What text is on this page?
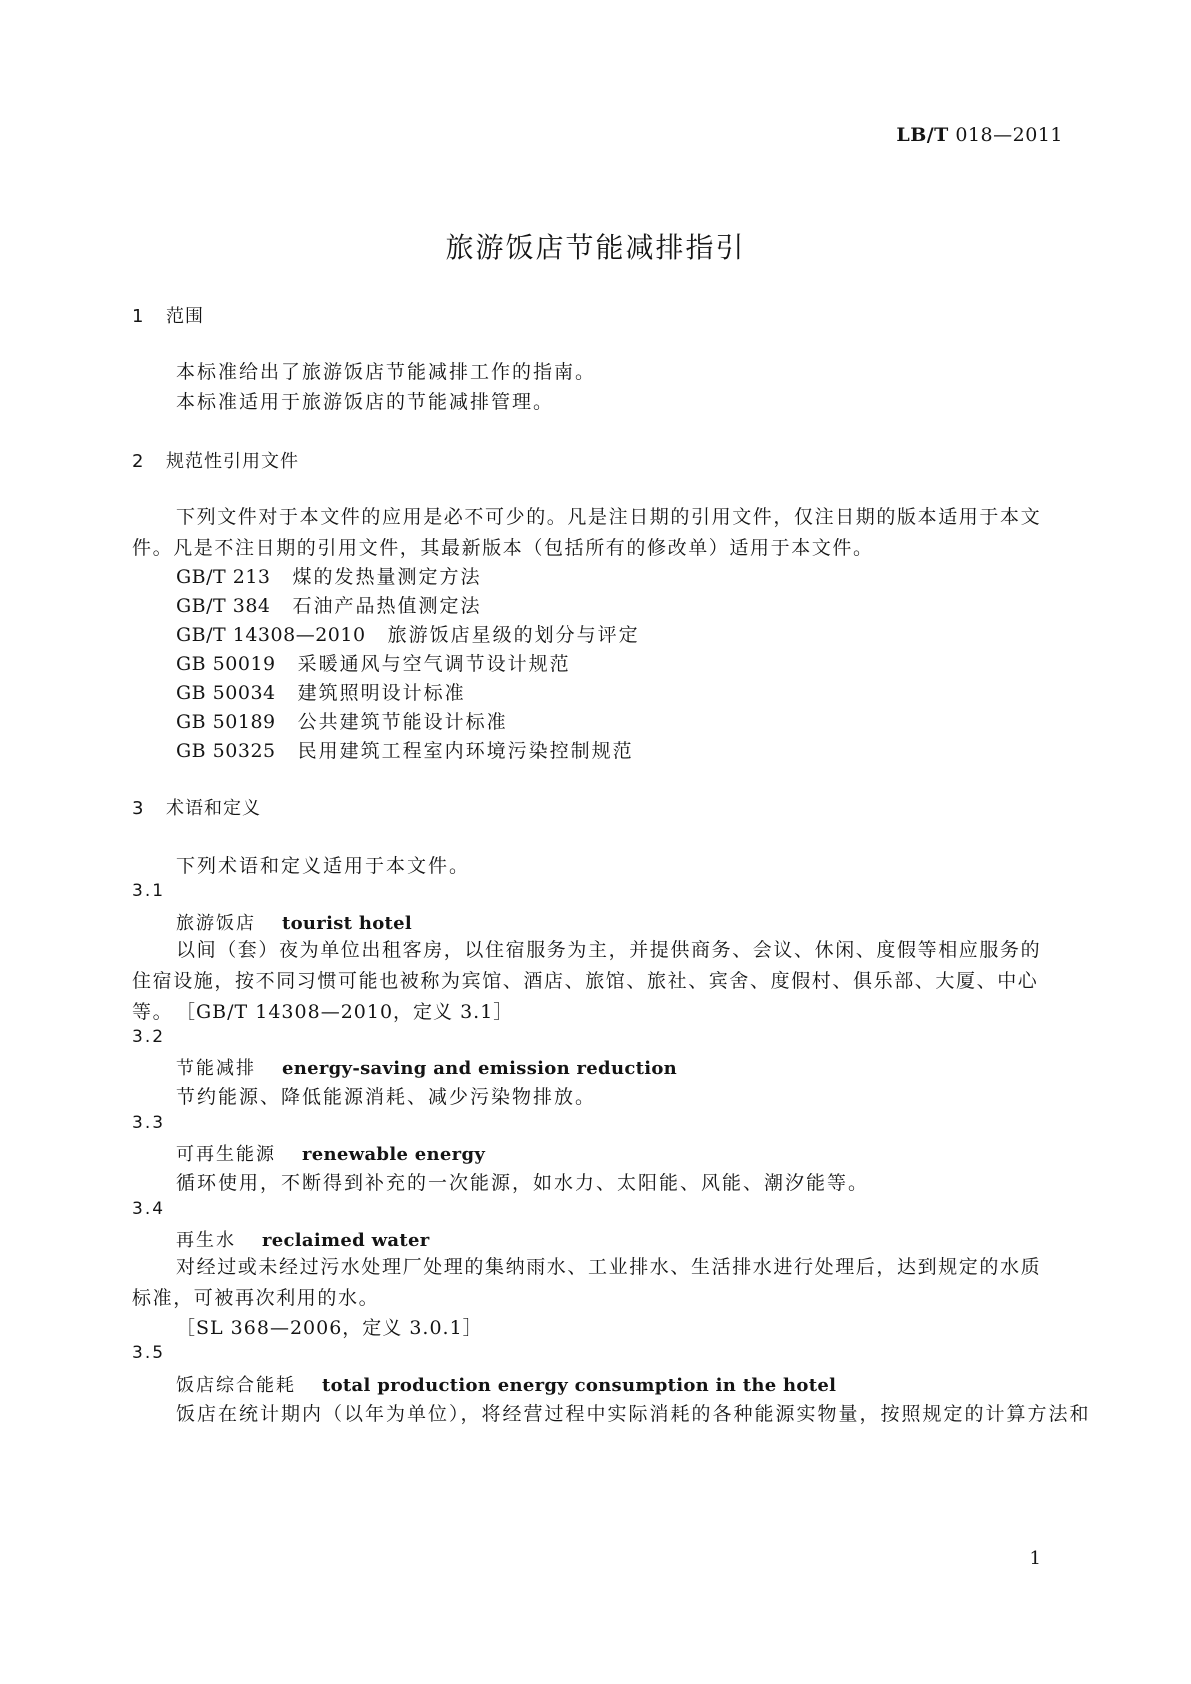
LB/T 018—2011
旅游饭店节能减排指引
1 范围
本标准给出了旅游饭店节能减排工作的指南。
本标准适用于旅游饭店的节能减排管理。
2 规范性引用文件
下列文件对于本文件的应用是必不可少的。凡是注日期的引用文件，仅注日期的版本适用于本文件。凡是不注日期的引用文件，其最新版本（包括所有的修改单）适用于本文件。
GB/T 213 煤的发热量测定方法
GB/T 384 石油产品热值测定法
GB/T 14308—2010 旅游饭店星级的划分与评定
GB 50019 采暖通风与空气调节设计规范
GB 50034 建筑照明设计标准
GB 50189 公共建筑节能设计标准
GB 50325 民用建筑工程室内环境污染控制规范
3 术语和定义
下列术语和定义适用于本文件。
3.1
旅游饭店 tourist hotel
以间（套）夜为单位出租客房，以住宿服务为主，并提供商务、会议、休闲、度假等相应服务的住宿设施，按不同习惯可能也被称为宾馆、酒店、旅馆、旅社、宾舍、度假村、俱乐部、大厦、中心等。 ［GB/T 14308—2010，定义 3.1］
3.2
节能减排 energy-saving and emission reduction
节约能源、降低能源消耗、减少污染物排放。
3.3
可再生能源 renewable energy
循环使用，不断得到补充的一次能源，如水力、太阳能、风能、潮汐能等。
3.4
再生水 reclaimed water
对经过或未经过污水处理厂处理的集纳雨水、工业排水、生活排水进行处理后，达到规定的水质标准，可被再次利用的水。
［SL 368—2006，定义 3.0.1］
3.5
饭店综合能耗 total production energy consumption in the hotel
饭店在统计期内（以年为单位），将经营过程中实际消耗的各种能源实物量，按照规定的计算方法和
1
